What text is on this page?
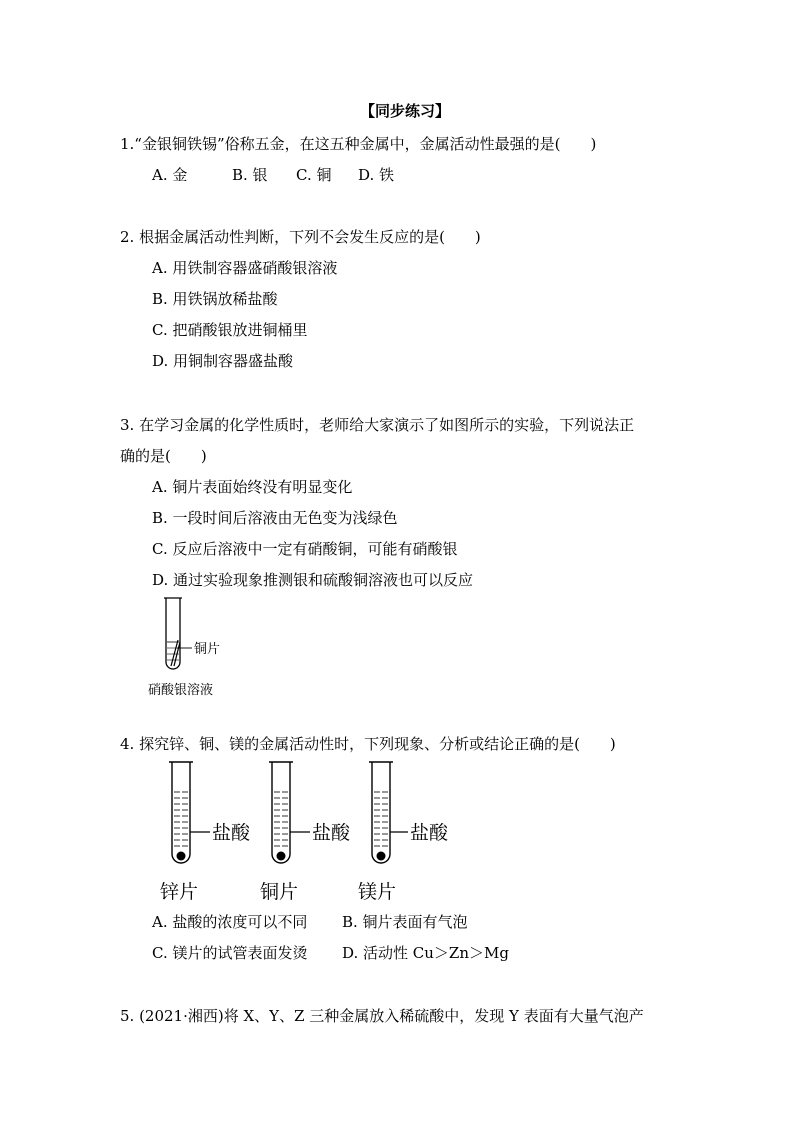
【同步练习】
1.“金银铜铁锡”俗称五金，在这五种金属中，金属活动性最强的是(　　)
A. 金	B. 银 C. 铜 D. 铁
2. 根据金属活动性判断，下列不会发生反应的是(　　)
A. 用铁制容器盛硝酸银溶液
B. 用铁锅放稀盐酸
C. 把硝酸银放进铜桶里
D. 用铜制容器盛盐酸
3. 在学习金属的化学性质时，老师给大家演示了如图所示的实验，下列说法正
确的是(　　)
A. 铜片表面始终没有明显变化
B. 一段时间后溶液由无色变为浅绿色
C. 反应后溶液中一定有硝酸铜，可能有硝酸银
D. 通过实验现象推测银和硫酸铜溶液也可以反应
铜片
硝酸银溶液
4. 探究锌、铜、镁的金属活动性时，下列现象、分析或结论正确的是(　　)
盐酸
锌片
盐酸
铜片
盐酸
镁片
A. 盐酸的浓度可以不同 B. 铜片表面有气泡
C. 镁片的试管表面发烫 D. 活动性 Cu＞Zn＞Mg
5. (2021·湘西)将 X、Y、Z 三种金属放入稀硫酸中，发现 Y 表面有大量气泡产
